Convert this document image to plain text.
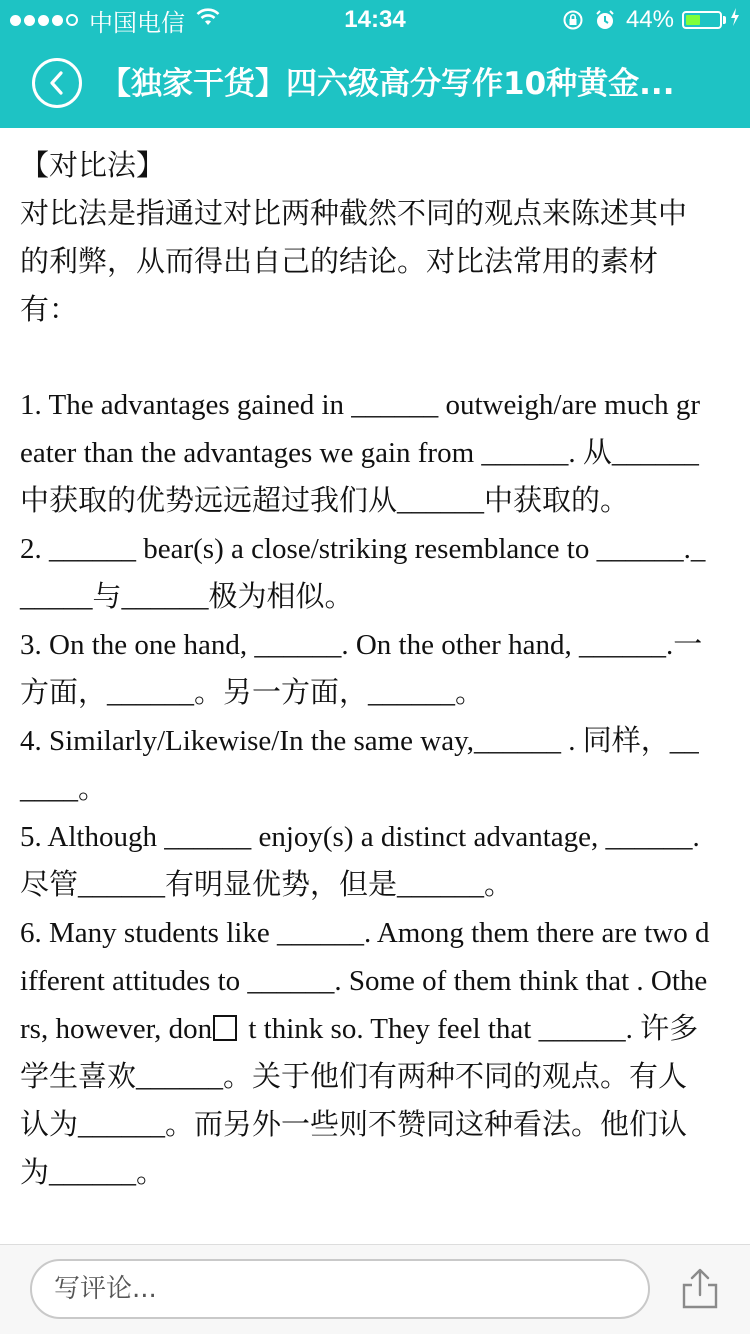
中国电信	14:34	44%
【独家干货】四六级高分写作10种黄金...

【对比法】

对比法是指通过对比两种截然不同的观点来陈述其中的利弊，从而得出自己的结论。对比法常用的素材有：

1. The advantages gained in ______ outweigh/are much greater than the advantages we gain from ______. 从______中获取的优势远远超过我们从______中获取的。

2. ______ bear(s) a close/striking resemblance to ______.______与______极为相似。

3. On the one hand, ______. On the other hand, ______.一方面，______。另一方面，______。

4. Similarly/Likewise/In the same way,______ . 同样，______。

5. Although ______ enjoy(s) a distinct advantage, ______.尽管______有明显优势，但是______。

6. Many students like ______. Among them there are two different attitudes to ______. Some of them think that . Others, however, don t think so. They feel that ______. 许多学生喜欢______。关于他们有两种不同的观点。有人认为______。而另外一些则不赞同这种看法。他们认为______。

写评论...
